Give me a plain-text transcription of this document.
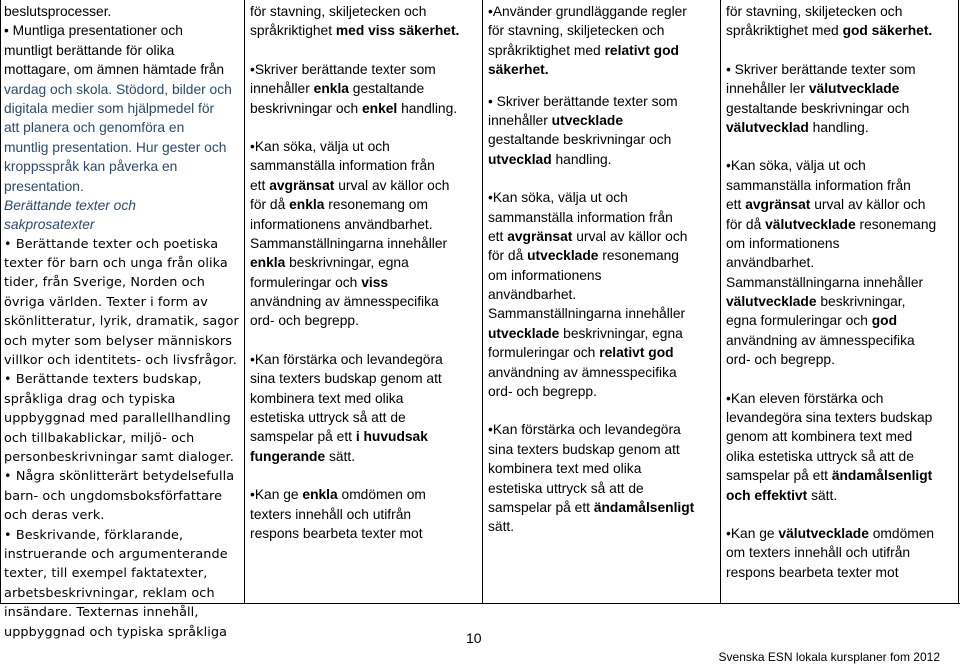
beslutsprocesser.
• Muntliga presentationer och
muntligt berättande för olika
mottagare, om ämnen hämtade från
vardag och skola. Stödord, bilder och
digitala medier som hjälpmedel för
att planera och genomföra en
muntlig presentation. Hur gester och
kroppsspråk kan påverka en
presentation.
Berättande texter och
sakprosatexter
• Berättande texter och poetiska
texter för barn och unga från olika
tider, från Sverige, Norden och
övriga världen. Texter i form av
skönlitteratur, lyrik, dramatik, sagor
och myter som belyser människors
villkor och identitets- och livsfrågor.
• Berättande texters budskap,
språkliga drag och typiska
uppbyggnad med parallellhandling
och tillbakablickar, miljö- och
personbeskrivningar samt dialoger.
• Några skönlitterärt betydelsefulla
barn- och ungdomsboksförfattare
och deras verk.
• Beskrivande, förklarande,
instruerande och argumenterande
texter, till exempel faktatexter,
arbetsbeskrivningar, reklam och
insändare. Texternas innehåll,
uppbyggnad och typiska språkliga
för stavning, skiljetecken och
språkriktighet med viss säkerhet.
•Skriver berättande texter som
innehåller enkla gestaltande
beskrivningar och enkel handling.
•Kan söka, välja ut och
sammanställa information från
ett avgränsat urval av källor och
för då enkla resonemang om
informationens användbarhet.
Sammanställningarna innehåller
enkla beskrivningar, egna
formuleringar och viss
användning av ämnesspecifika
ord- och begrepp.
•Kan förstärka och levandegöra
sina texters budskap genom att
kombinera text med olika
estetiska uttryck så att de
samspelar på ett i huvudsak
fungerande sätt.
•Kan ge enkla omdömen om
texters innehåll och utifrån
respons bearbeta texter mot
•Använder grundläggande regler
för stavning, skiljetecken och
språkriktighet med relativt god
säkerhet.
• Skriver berättande texter som
innehåller utvecklade
gestaltande beskrivningar och
utvecklad handling.
•Kan söka, välja ut och
sammanställa information från
ett avgränsat urval av källor och
för då utvecklade resonemang
om informationens
användbarhet.
Sammanställningarna innehåller
utvecklade beskrivningar, egna
formuleringar och relativt god
användning av ämnesspecifika
ord- och begrepp.
•Kan förstärka och levandegöra
sina texters budskap genom att
kombinera text med olika
estetiska uttryck så att de
samspelar på ett ändamålsenligt
sätt.
för stavning, skiljetecken och
språkriktighet med god säkerhet.
• Skriver berättande texter som
innehåller ler välutvecklade
gestaltande beskrivningar och
välutvecklad handling.
•Kan söka, välja ut och
sammanställa information från
ett avgränsat urval av källor och
för då välutvecklade resonemang
om informationens
användbarhet.
Sammanställningarna innehåller
välutvecklade beskrivningar,
egna formuleringar och god
användning av ämnesspecifika
ord- och begrepp.
•Kan eleven förstärka och
levandegöra sina texters budskap
genom att kombinera text med
olika estetiska uttryck så att de
samspelar på ett ändamålsenligt
och effektivt sätt.
•Kan ge välutvecklade omdömen
om texters innehåll och utifrån
respons bearbeta texter mot
10
Svenska ESN lokala kursplaner fom 2012
